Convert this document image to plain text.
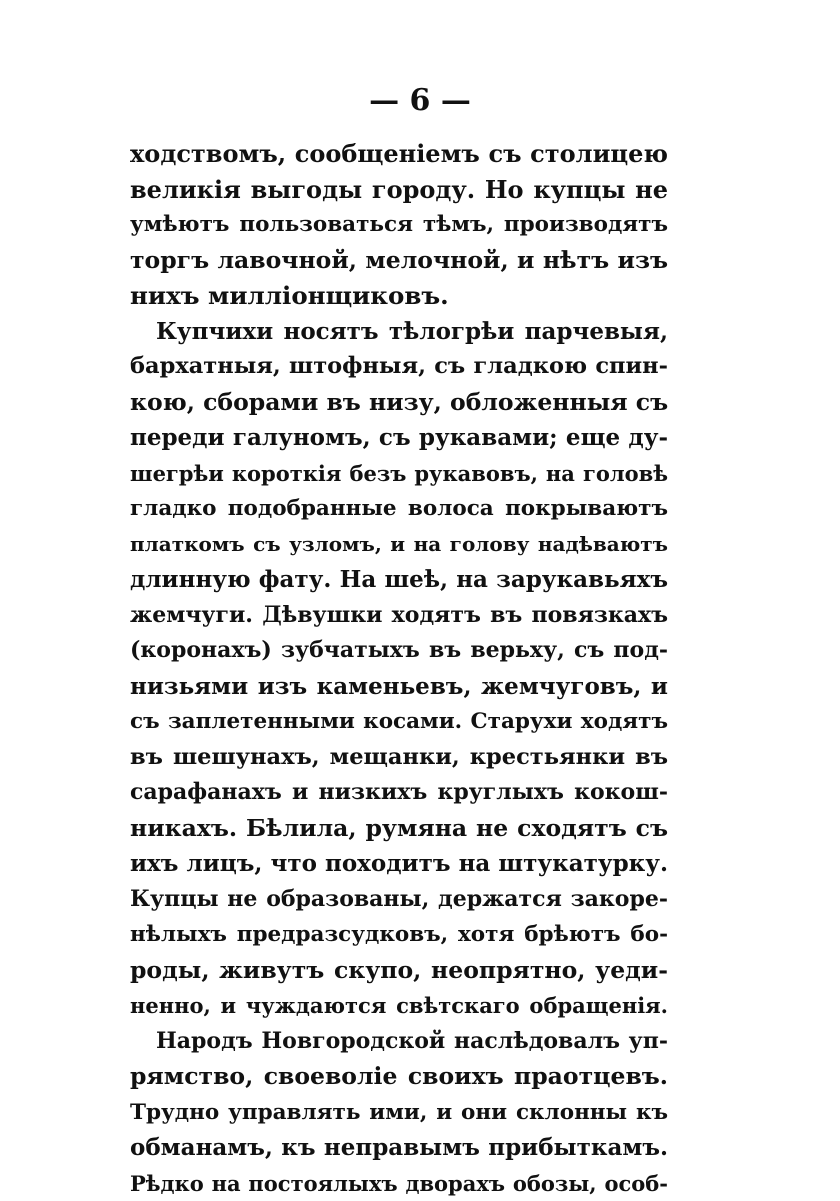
— 6 —
ходствомъ, сообщеніемъ съ столицею
великія выгоды городу. Но купцы не
умѣютъ пользоваться тѣмъ, производятъ
торгъ лавочной, мелочной, и нѣтъ изъ
нихъ милліонщиковъ.
Купчихи носятъ тѣлогрѣи парчевыя,
бархатныя, штофныя, съ гладкою спин-
кою, сборами въ низу, обложенныя съ
переди галуномъ, съ рукавами; еще ду-
шегрѣи короткія безъ рукавовъ, на головѣ
гладко подобранные волоса покрываютъ
платкомъ съ узломъ, и на голову надѣваютъ
длинную фату. На шеѣ, на зарукавьяхъ
жемчуги. Дѣвушки ходятъ въ повязкахъ
(коронахъ) зубчатыхъ въ верьху, съ под-
низьями изъ каменьевъ, жемчуговъ, и
съ заплетенными косами. Старухи ходятъ
въ шешунахъ, мещанки, крестьянки въ
сарафанахъ и низкихъ круглыхъ кокош-
никахъ. Бѣлила, румяна не сходятъ съ
ихъ лицъ, что походитъ на штукатурку.
Купцы не образованы, держатся закоре-
нѣлыхъ предразсудковъ, хотя брѣютъ бо-
роды, живутъ скупо, неопрятно, уеди-
ненно, и чуждаются свѣтскаго обращенія.
Народъ Новгородской наслѣдовалъ уп-
рямство, своеволіе своихъ праотцевъ.
Трудно управлять ими, и они склонны къ
обманамъ, къ неправымъ прибыткамъ.
Рѣдко на постоялыхъ дворахъ обозы, особ-
